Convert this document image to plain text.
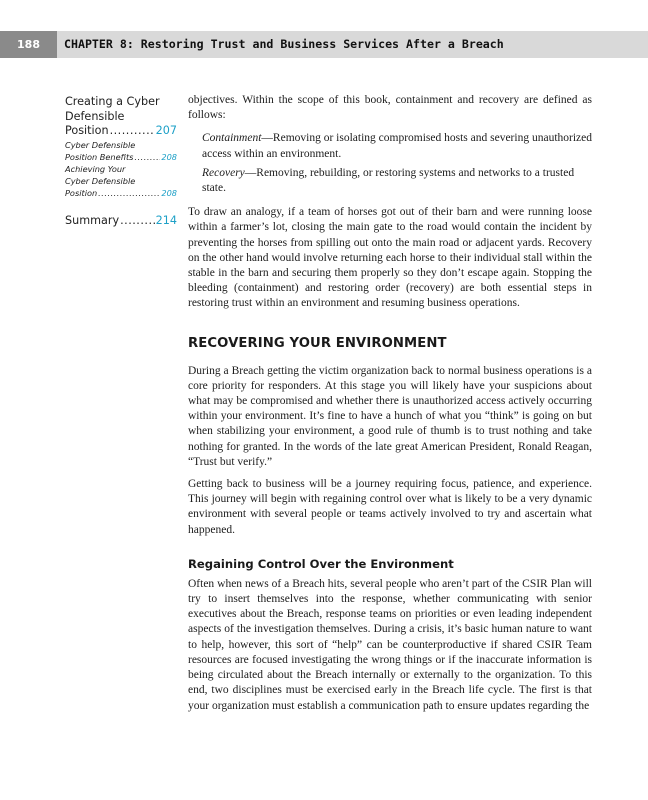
188	CHAPTER 8: Restoring Trust and Business Services After a Breach
Creating a Cyber
Defensible
Position .....	207
Cyber Defensible
Position Benefits .....	208
Achieving Your
Cyber Defensible
Position .....	208
Summary .....	214

objectives. Within the scope of this book, containment and recovery are defined as follows:

Containment—Removing or isolating compromised hosts and severing unauthorized access within an environment.

Recovery—Removing, rebuilding, or restoring systems and networks to a trusted state.

To draw an analogy, if a team of horses got out of their barn and were running loose within a farmer’s lot, closing the main gate to the road would contain the incident by preventing the horses from spilling out onto the main road or adjacent yards. Recovery on the other hand would involve returning each horse to their individual stall within the stable in the barn and securing them properly so they don’t escape again. Stopping the bleeding (containment) and restoring order (recovery) are both essential steps in restoring trust within an environment and resuming business operations.

RECOVERING YOUR ENVIRONMENT

During a Breach getting the victim organization back to normal business operations is a core priority for responders. At this stage you will likely have your suspicions about what may be compromised and whether there is unauthorized access actively occurring within your environment. It’s fine to have a hunch of what you “think” is going on but when stabilizing your environment, a good rule of thumb is to trust nothing and take nothing for granted. In the words of the late great American President, Ronald Reagan, “Trust but verify.”

Getting back to business will be a journey requiring focus, patience, and experience. This journey will begin with regaining control over what is likely to be a very dynamic environment with several people or teams actively involved to try and ascertain what happened.

Regaining Control Over the Environment

Often when news of a Breach hits, several people who aren’t part of the CSIR Plan will try to insert themselves into the response, whether communicating with senior executives about the Breach, response teams on priorities or even leading independent aspects of the investigation themselves. During a crisis, it’s basic human nature to want to help, however, this sort of “help” can be counterproductive if shared CSIR Team resources are focused investigating the wrong things or if the inaccurate information is being circulated about the Breach internally or externally to the organization. To this end, two disciplines must be exercised early in the Breach life cycle. The first is that your organization must establish a communication path to ensure updates regarding the
